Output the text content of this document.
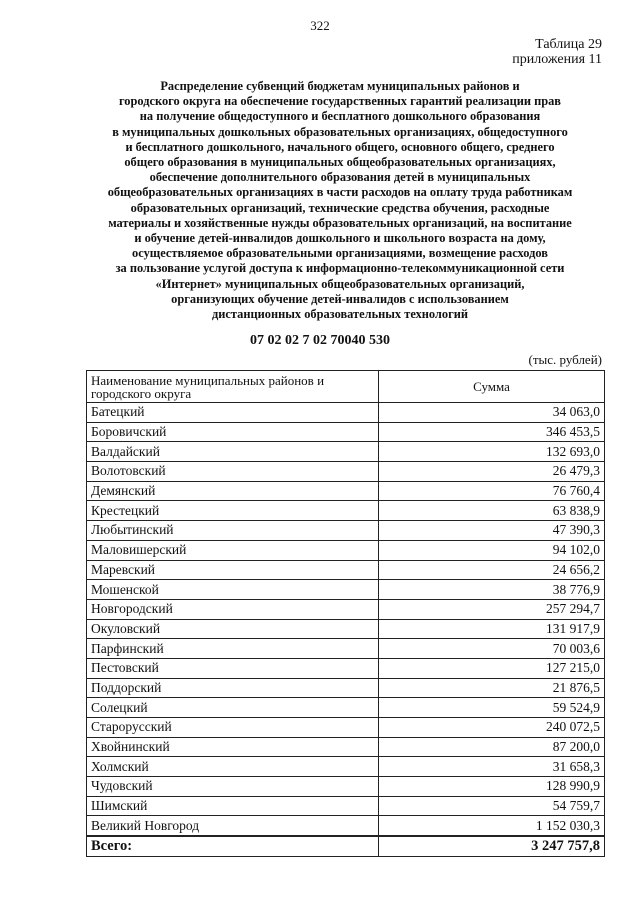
322
Таблица 29
приложения 11
Распределение субвенций бюджетам муниципальных районов и
городского округа на обеспечение государственных гарантий реализации прав
на получение общедоступного и бесплатного дошкольного образования
в муниципальных дошкольных образовательных организациях, общедоступного
и бесплатного дошкольного, начального общего, основного общего, среднего
общего образования в муниципальных общеобразовательных организациях,
обеспечение дополнительного образования детей в муниципальных
общеобразовательных организациях в части расходов на оплату труда работникам
образовательных организаций, технические средства обучения, расходные
материалы и хозяйственные нужды образовательных организаций, на воспитание
и обучение детей-инвалидов дошкольного и школьного возраста на дому,
осуществляемое образовательными организациями, возмещение расходов
за пользование услугой доступа к информационно-телекоммуникационной сети
«Интернет» муниципальных общеобразовательных организаций,
организующих обучение детей-инвалидов с использованием
дистанционных образовательных технологий
07 02 02 7 02 70040 530
(тыс. рублей)
Наименование муниципальных районов и городского округа	Сумма
Батецкий	34 063,0
Боровичский	346 453,5
Валдайский	132 693,0
Волотовский	26 479,3
Демянский	76 760,4
Крестецкий	63 838,9
Любытинский	47 390,3
Маловишерский	94 102,0
Маревский	24 656,2
Мошенской	38 776,9
Новгородский	257 294,7
Окуловский	131 917,9
Парфинский	70 003,6
Пестовский	127 215,0
Поддорский	21 876,5
Солецкий	59 524,9
Старорусский	240 072,5
Хвойнинский	87 200,0
Холмский	31 658,3
Чудовский	128 990,9
Шимский	54 759,7
Великий Новгород	1 152 030,3
Всего:	3 247 757,8
